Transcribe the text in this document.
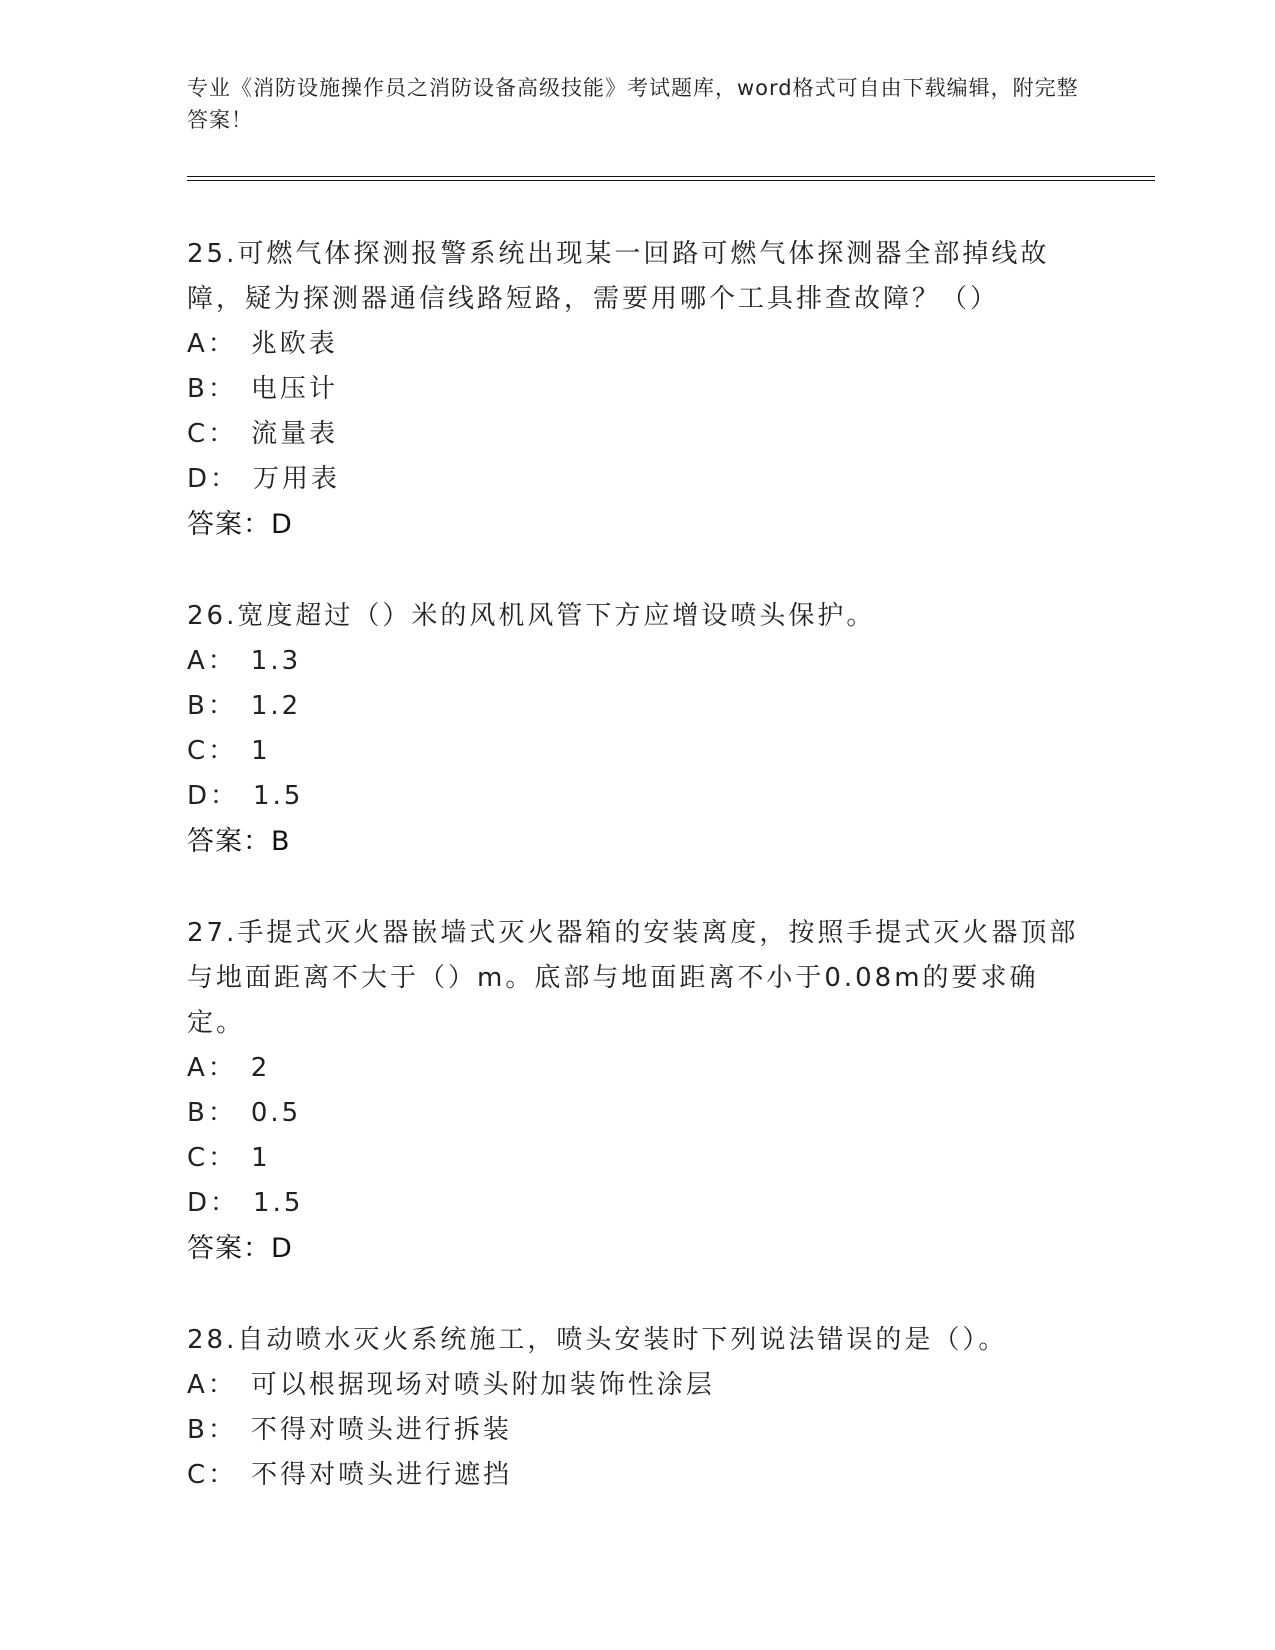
专业《消防设施操作员之消防设备高级技能》考试题库，word格式可自由下载编辑，附完整答案！
25.可燃气体探测报警系统出现某一回路可燃气体探测器全部掉线故障，疑为探测器通信线路短路，需要用哪个工具排查故障？（）
A： 兆欧表
B： 电压计
C： 流量表
D： 万用表
答案：D
26.宽度超过（）米的风机风管下方应增设喷头保护。
A： 1.3
B： 1.2
C： 1
D： 1.5
答案：B
27.手提式灭火器嵌墙式灭火器箱的安装离度，按照手提式灭火器顶部与地面距离不大于（）m。底部与地面距离不小于0.08m的要求确定。
A： 2
B： 0.5
C： 1
D： 1.5
答案：D
28.自动喷水灭火系统施工，喷头安装时下列说法错误的是（）。
A： 可以根据现场对喷头附加装饰性涂层
B： 不得对喷头进行拆装
C： 不得对喷头进行遮挡
